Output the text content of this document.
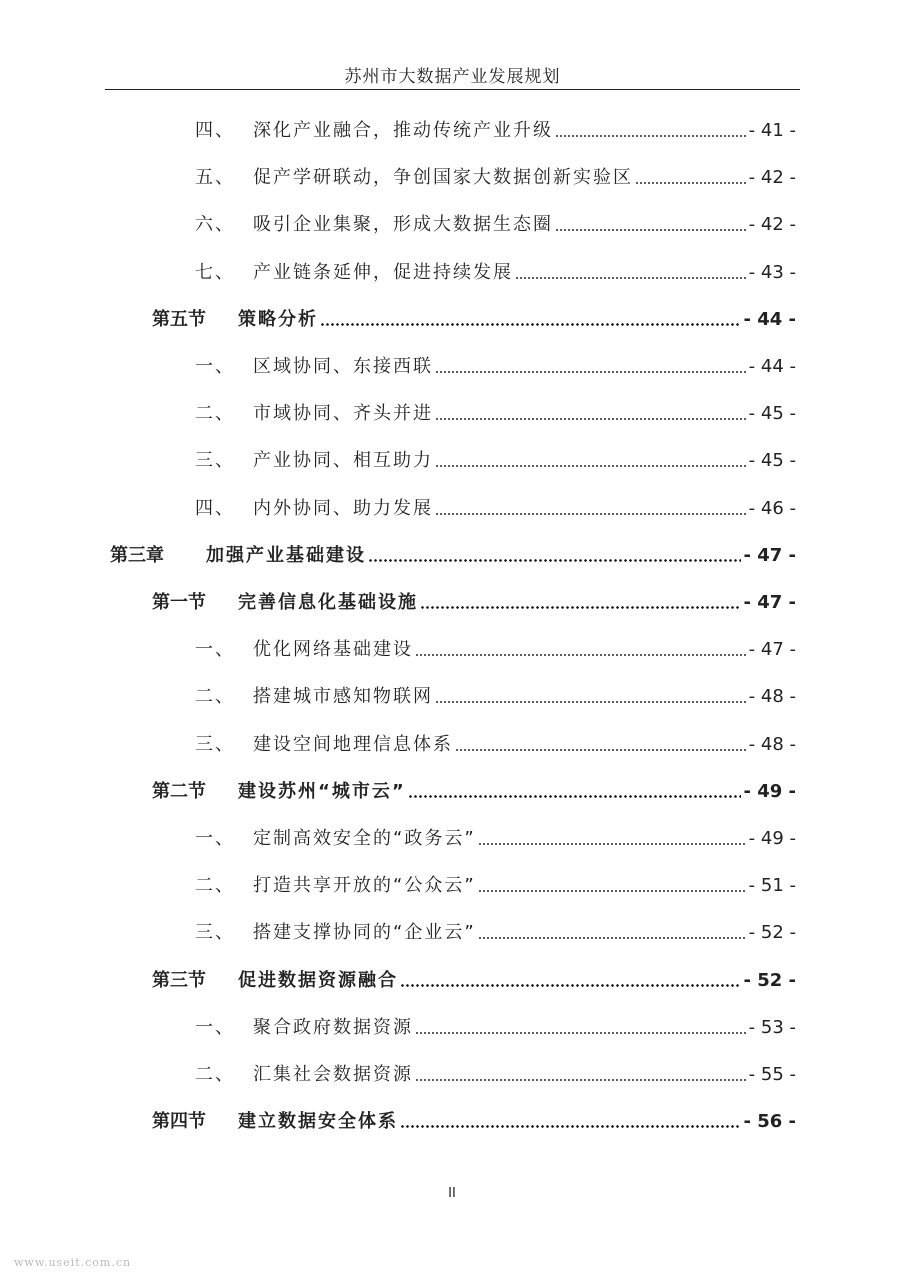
苏州市大数据产业发展规划
四、	深化产业融合，推动传统产业升级	- 41 -
五、	促产学研联动，争创国家大数据创新实验区	- 42 -
六、	吸引企业集聚，形成大数据生态圈	- 42 -
七、	产业链条延伸，促进持续发展	- 43 -
第五节	策略分析	- 44 -
一、	区域协同、东接西联	- 44 -
二、	市域协同、齐头并进	- 45 -
三、	产业协同、相互助力	- 45 -
四、	内外协同、助力发展	- 46 -
第三章	加强产业基础建设	- 47 -
第一节	完善信息化基础设施	- 47 -
一、	优化网络基础建设	- 47 -
二、	搭建城市感知物联网	- 48 -
三、	建设空间地理信息体系	- 48 -
第二节	建设苏州“城市云”	- 49 -
一、	定制高效安全的“政务云”	- 49 -
二、	打造共享开放的“公众云”	- 51 -
三、	搭建支撑协同的“企业云”	- 52 -
第三节	促进数据资源融合	- 52 -
一、	聚合政府数据资源	- 53 -
二、	汇集社会数据资源	- 55 -
第四节	建立数据安全体系	- 56 -
II
www.useit.com.cn
